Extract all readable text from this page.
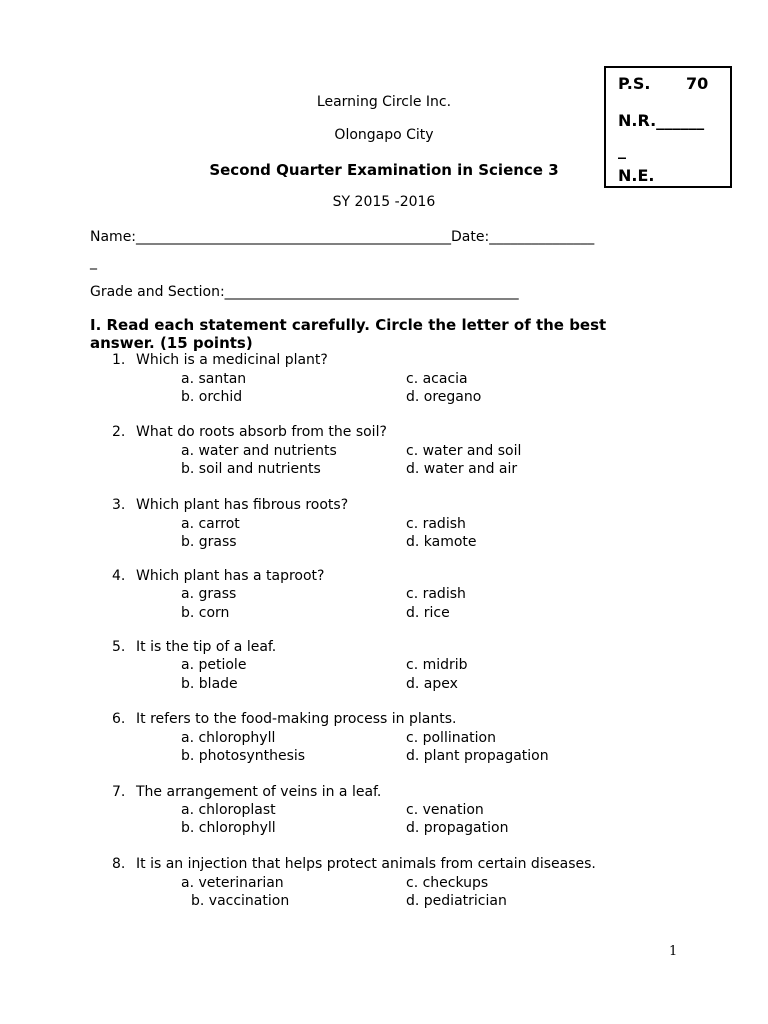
P.S. 70
N.R.______
_
N.E.
Learning Circle Inc.
Olongapo City
Second Quarter Examination in Science 3
SY 2015 -2016
Name:_____________________________________________Date:_______________
_
Grade and Section:__________________________________________
I. Read each statement carefully. Circle the letter of the best
answer. (15 points)
1. Which is a medicinal plant?
a. santan	c. acacia
b. orchid	d. oregano
2. What do roots absorb from the soil?
a. water and nutrients	c. water and soil
b. soil and nutrients	d. water and air
3. Which plant has fibrous roots?
a. carrot	c. radish
b. grass	d. kamote
4. Which plant has a taproot?
a. grass	c. radish
b. corn	d. rice
5. It is the tip of a leaf.
a. petiole	c. midrib
b. blade	d. apex
6. It refers to the food-making process in plants.
a. chlorophyll	c. pollination
b. photosynthesis	d. plant propagation
7. The arrangement of veins in a leaf.
a. chloroplast	c. venation
b. chlorophyll	d. propagation
8. It is an injection that helps protect animals from certain diseases.
a. veterinarian	c. checkups
b. vaccination	d. pediatrician
1
